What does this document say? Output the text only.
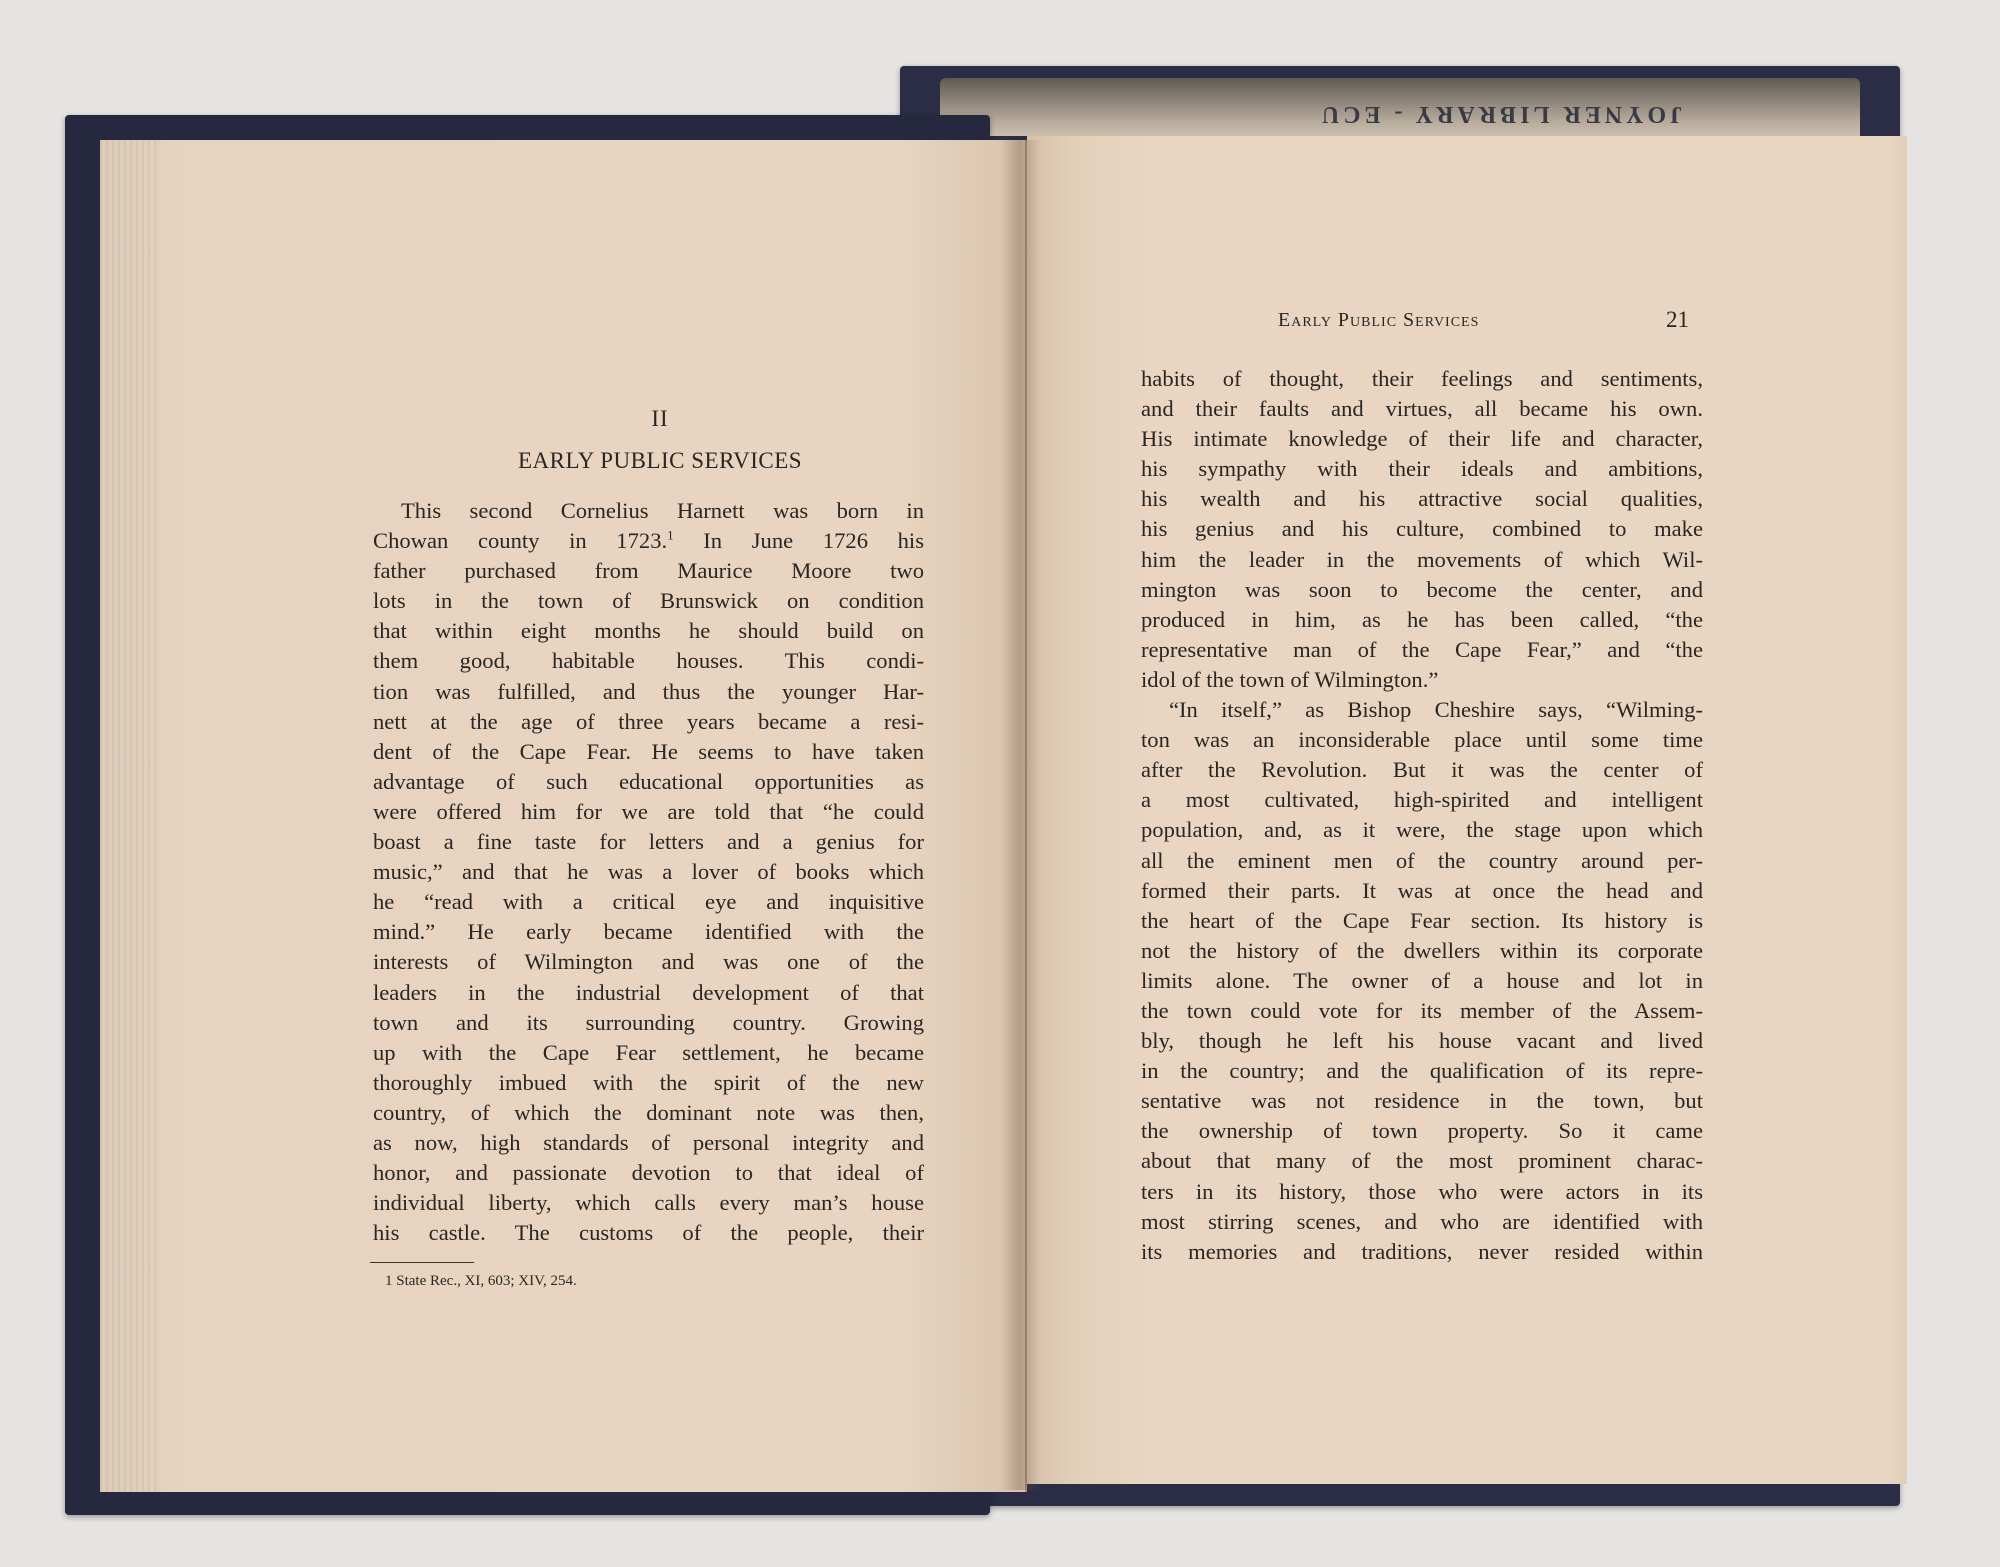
JOYNER LIBRARY - ECU
II
EARLY PUBLIC SERVICES
This second Cornelius Harnett was born in
Chowan county in 1723.$^1$ In June 1726 his
father purchased from Maurice Moore two
lots in the town of Brunswick on condition
that within eight months he should build on
them good, habitable houses. This condi-
tion was fulfilled, and thus the younger Har-
nett at the age of three years became a resi-
dent of the Cape Fear. He seems to have taken
advantage of such educational opportunities as
were offered him for we are told that “he could
boast a fine taste for letters and a genius for
music,” and that he was a lover of books which
he “read with a critical eye and inquisitive
mind.” He early became identified with the
interests of Wilmington and was one of the
leaders in the industrial development of that
town and its surrounding country. Growing
up with the Cape Fear settlement, he became
thoroughly imbued with the spirit of the new
country, of which the dominant note was then,
as now, high standards of personal integrity and
honor, and passionate devotion to that ideal of
individual liberty, which calls every man’s house
his castle. The customs of the people, their
1 State Rec., XI, 603; XIV, 254.
Early Public Services	21
habits of thought, their feelings and sentiments,
and their faults and virtues, all became his own.
His intimate knowledge of their life and character,
his sympathy with their ideals and ambitions,
his wealth and his attractive social qualities,
his genius and his culture, combined to make
him the leader in the movements of which Wil-
mington was soon to become the center, and
produced in him, as he has been called, “the
representative man of the Cape Fear,” and “the
idol of the town of Wilmington.”
“In itself,” as Bishop Cheshire says, “Wilming-
ton was an inconsiderable place until some time
after the Revolution. But it was the center of
a most cultivated, high-spirited and intelligent
population, and, as it were, the stage upon which
all the eminent men of the country around per-
formed their parts. It was at once the head and
the heart of the Cape Fear section. Its history is
not the history of the dwellers within its corporate
limits alone. The owner of a house and lot in
the town could vote for its member of the Assem-
bly, though he left his house vacant and lived
in the country; and the qualification of its repre-
sentative was not residence in the town, but
the ownership of town property. So it came
about that many of the most prominent charac-
ters in its history, those who were actors in its
most stirring scenes, and who are identified with
its memories and traditions, never resided within
